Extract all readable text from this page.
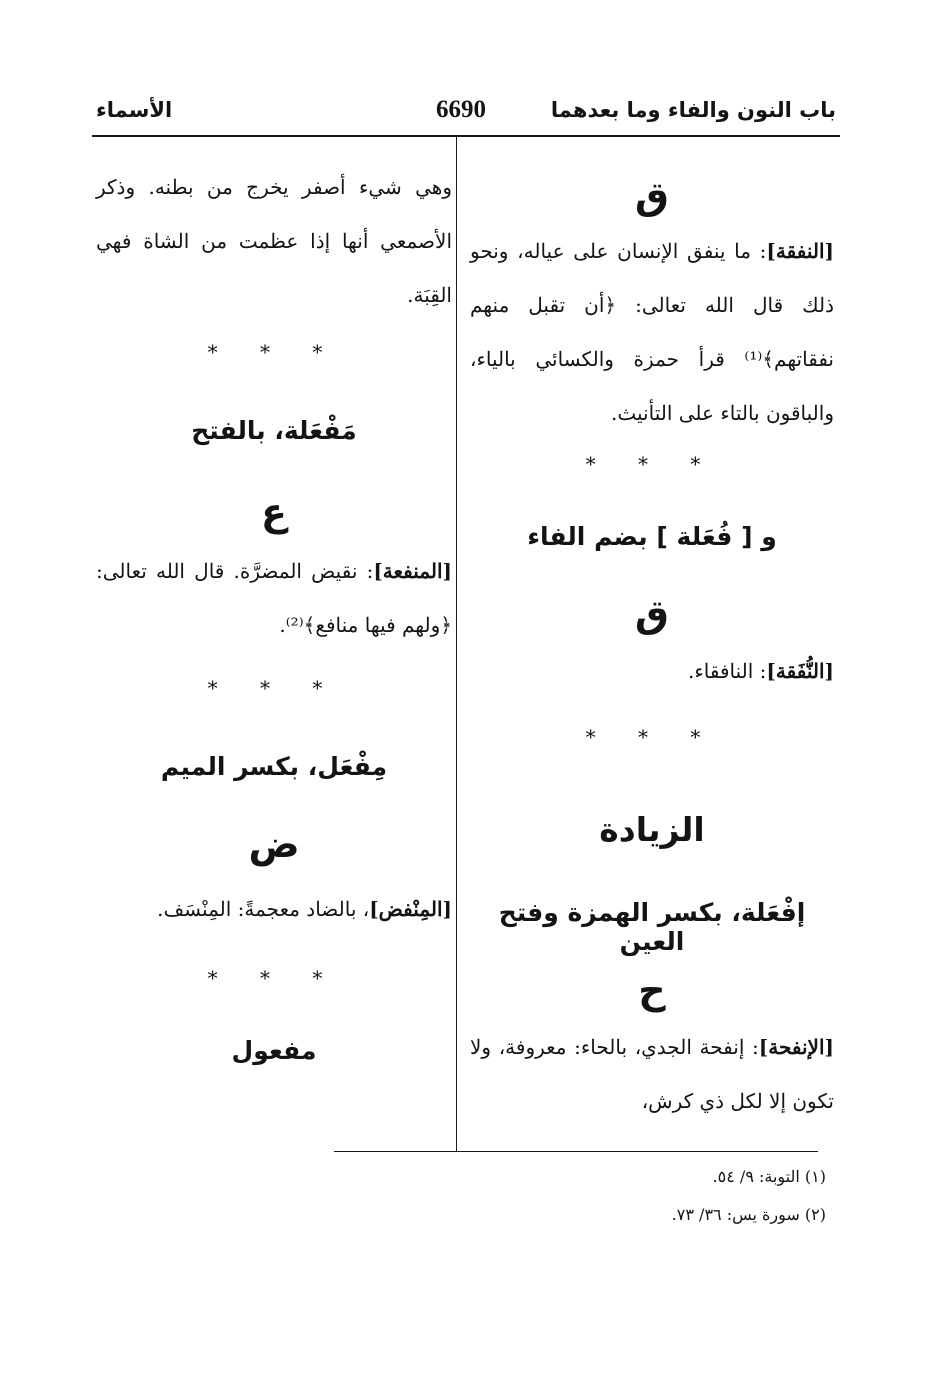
باب النون والفاء وما بعدهما
6690
الأسماء
ق
[النفقة]: ما ينفق الإنسان على عياله، ونحو ذلك قال الله تعالى: ﴿أن تقبل منهم نفقاتهم﴾⁽¹⁾ قرأ حمزة والكسائي بالياء، والباقون بالتاء على التأنيث.
* * *
و [ فُعَلة ] بضم الفاء
ق
[النُّفَقة]: النافقاء.
* * *
الزيادة
إفْعَلة، بكسر الهمزة وفتح العين
ح
[الإنفحة]: إنفحة الجدي، بالحاء: معروفة، ولا تكون إلا لكل ذي كرش،
وهي شيء أصفر يخرج من بطنه. وذكر الأصمعي أنها إذا عظمت من الشاة فهي القِبَة.
* * *
مَفْعَلة، بالفتح
ع
[المنفعة]: نقيض المضرَّة. قال الله تعالى: ﴿ولهم فيها منافع﴾⁽²⁾.
* * *
مِفْعَل، بكسر الميم
ض
[المِنْفض]، بالضاد معجمةً: المِنْسَف.
* * *
مفعول
(١) التوبة: ٩/ ٥٤.
(٢) سورة يس: ٣٦/ ٧٣.
